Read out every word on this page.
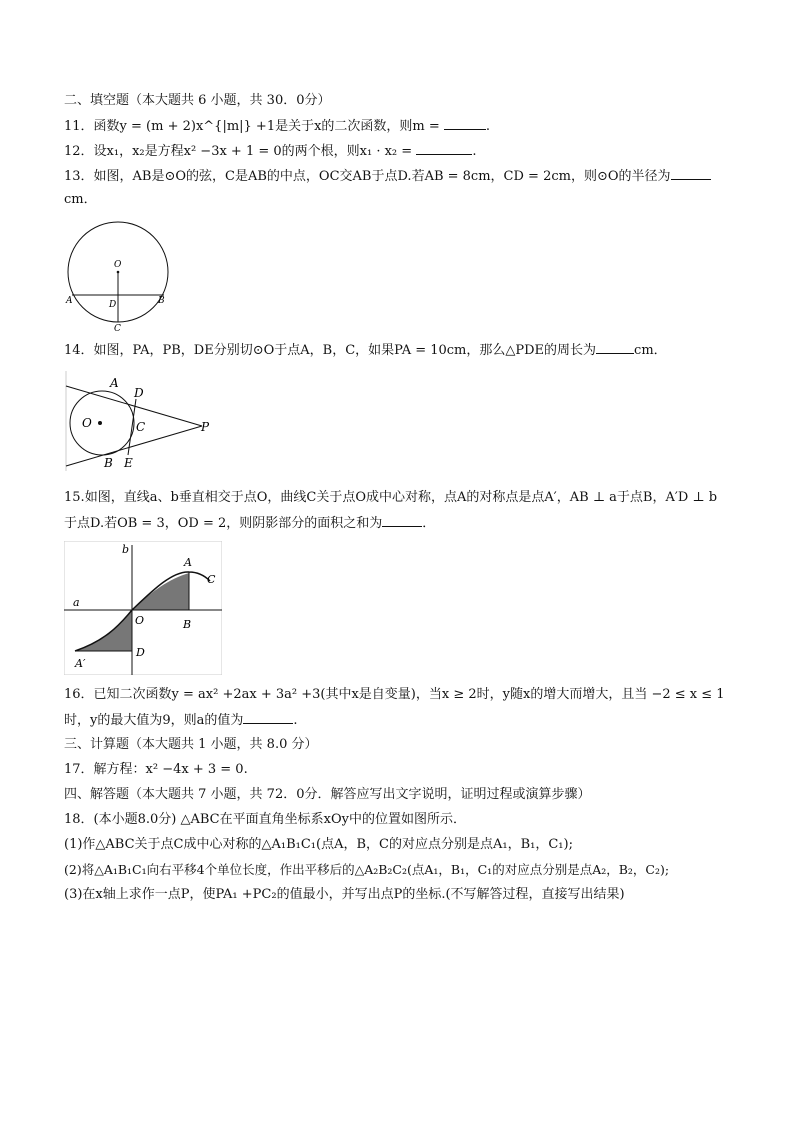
二、填空题（本大题共 6 小题，共 30．0分）
11．函数y = (m + 2)x^{|m|} +1是关于x的二次函数，则m =	.
12．设x₁，x₂是方程x² −3x + 1 = 0的两个根，则x₁ · x₂ =	.
13．如图，AB是⊙O的弦，C是AB的中点，OC交AB于点D.若AB = 8cm，CD = 2cm，则⊙O的半径为
cm．
O
A	B
D
C
14．如图，PA，PB，DE分别切⊙O于点A，B，C，如果PA = 10cm，那么△PDE的周长为	cm．
O
A
D
C	P
B E
15.如图，直线a、b垂直相交于点O，曲线C关于点O成中心对称，点A的对称点是点A′，AB ⊥ a于点B，A′D ⊥ b
于点D.若OB = 3，OD = 2，则阴影部分的面积之和为	．
b
a
A
C
O	B
D
A′
16．已知二次函数y = ax² +2ax + 3a² +3(其中x是自变量)，当x ≥ 2时，y随x的增大而增大，且当 −2 ≤ x ≤ 1
时，y的最大值为9，则a的值为	.
三、计算题（本大题共 1 小题，共 8.0 分）
17．解方程：x² −4x + 3 = 0.
四、解答题（本大题共 7 小题，共 72．0分．解答应写出文字说明，证明过程或演算步骤）
18．(本小题8.0分) △ABC在平面直角坐标系xOy中的位置如图所示．
(1)作△ABC关于点C成中心对称的△A₁B₁C₁(点A，B，C的对应点分别是点A₁，B₁，C₁);
(2)将△A₁B₁C₁向右平移4个单位长度，作出平移后的△A₂B₂C₂(点A₁，B₁，C₁的对应点分别是点A₂，B₂，C₂);
(3)在x轴上求作一点P，使PA₁ +PC₂的值最小，并写出点P的坐标.(不写解答过程，直接写出结果)
